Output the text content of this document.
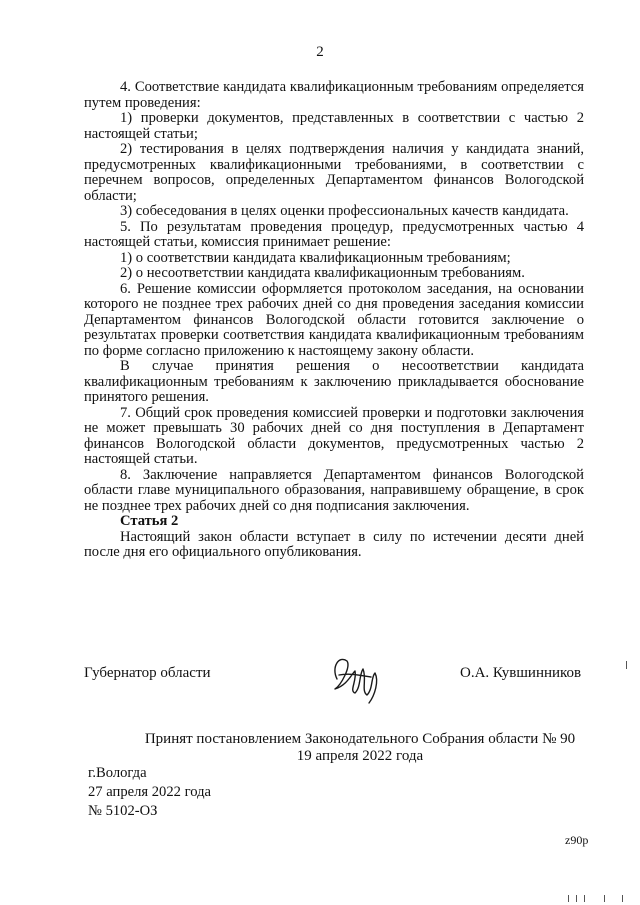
2

4. Соответствие кандидата квалификационным требованиям определяется путем проведения:

1) проверки документов, представленных в соответствии с частью 2 настоящей статьи;

2) тестирования в целях подтверждения наличия у кандидата знаний, предусмотренных квалификационными требованиями, в соответствии с перечнем вопросов, определенных Департаментом финансов Вологодской области;

3) собеседования в целях оценки профессиональных качеств кандидата.

5. По результатам проведения процедур, предусмотренных частью 4 настоящей статьи, комиссия принимает решение:

1) о соответствии кандидата квалификационным требованиям;

2) о несоответствии кандидата квалификационным требованиям.

6. Решение комиссии оформляется протоколом заседания, на основании которого не позднее трех рабочих дней со дня проведения заседания комиссии Департаментом финансов Вологодской области готовится заключение о результатах проверки соответствия кандидата квалификационным требованиям по форме согласно приложению к настоящему закону области.

В случае принятия решения о несоответствии кандидата квалификационным требованиям к заключению прикладывается обоснование принятого решения.

7. Общий срок проведения комиссией проверки и подготовки заключения не может превышать 30 рабочих дней со дня поступления в Департамент финансов Вологодской области документов, предусмотренных частью 2 настоящей статьи.

8. Заключение направляется Департаментом финансов Вологодской области главе муниципального образования, направившему обращение, в срок не позднее трех рабочих дней со дня подписания заключения.

Статья 2

Настоящий закон области вступает в силу по истечении десяти дней после дня его официального опубликования.

Губернатор области	О.А. Кувшинников
Принят постановлением Законодательного Собрания области № 90
19 апреля 2022 года
г.Вологда
27 апреля 2022 года
№ 5102-ОЗ
z90p
